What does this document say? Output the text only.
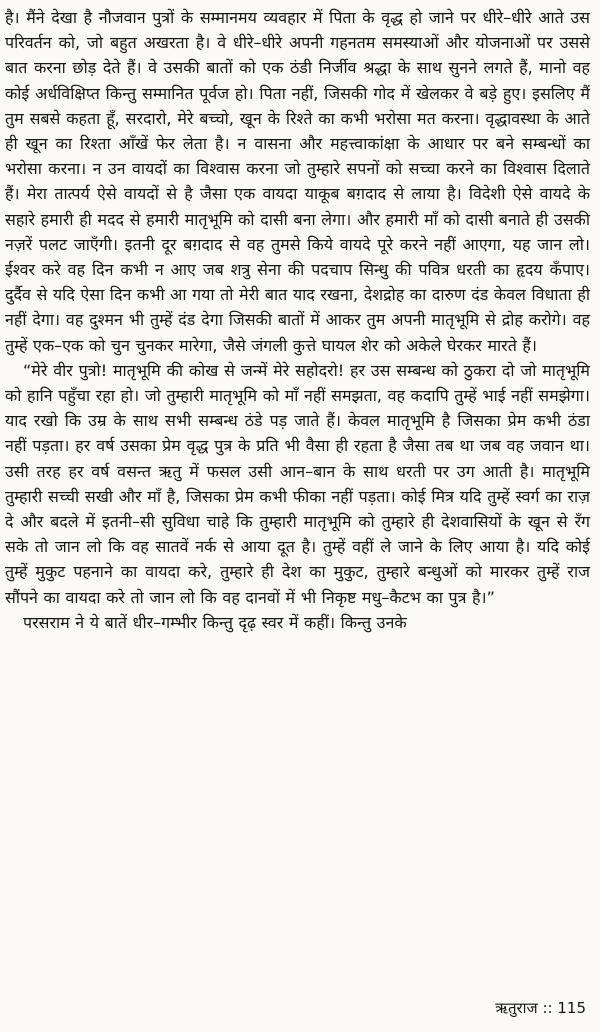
है। मैंने देखा है नौजवान पुत्रों के सम्मानमय व्यवहार में पिता के वृद्ध हो जाने पर धीरे–धीरे आते उस परिवर्तन को, जो बहुत अखरता है। वे धीरे–धीरे अपनी गहनतम समस्याओं और योजनाओं पर उससे बात करना छोड़ देते हैं। वे उसकी बातों को एक ठंडी निर्जीव श्रद्धा के साथ सुनने लगते हैं, मानो वह कोई अर्धविक्षिप्त किन्तु सम्मानित पूर्वज हो। पिता नहीं, जिसकी गोद में खेलकर वे बड़े हुए। इसलिए मैं तुम सबसे कहता हूँ, सरदारो, मेरे बच्चो, खून के रिश्ते का कभी भरोसा मत करना। वृद्धावस्था के आते ही खून का रिश्ता आँखें फेर लेता है। न वासना और महत्त्वाकांक्षा के आधार पर बने सम्बन्धों का भरोसा करना। न उन वायदों का विश्वास करना जो तुम्हारे सपनों को सच्चा करने का विश्वास दिलाते हैं। मेरा तात्पर्य ऐसे वायदों से है जैसा एक वायदा याकूब बग़दाद से लाया है। विदेशी ऐसे वायदे के सहारे हमारी ही मदद से हमारी मातृभूमि को दासी बना लेगा। और हमारी माँ को दासी बनाते ही उसकी नज़रें पलट जाएँगी। इतनी दूर बग़दाद से वह तुमसे किये वायदे पूरे करने नहीं आएगा, यह जान लो। ईश्वर करे वह दिन कभी न आए जब शत्रु सेना की पदचाप सिन्धु की पवित्र धरती का हृदय कँपाए। दुर्दैव से यदि ऐसा दिन कभी आ गया तो मेरी बात याद रखना, देशद्रोह का दारुण दंड केवल विधाता ही नहीं देगा। वह दुश्मन भी तुम्हें दंड देगा जिसकी बातों में आकर तुम अपनी मातृभूमि से द्रोह करोगे। वह तुम्हें एक–एक को चुन चुनकर मारेगा, जैसे जंगली कुत्ते घायल शेर को अकेले घेरकर मारते हैं।

“मेरे वीर पुत्रो! मातृभूमि की कोख से जन्में मेरे सहोदरो! हर उस सम्बन्ध को ठुकरा दो जो मातृभूमि को हानि पहुँचा रहा हो। जो तुम्हारी मातृभूमि को माँ नहीं समझता, वह कदापि तुम्हें भाई नहीं समझेगा। याद रखो कि उम्र के साथ सभी सम्बन्ध ठंडे पड़ जाते हैं। केवल मातृभूमि है जिसका प्रेम कभी ठंडा नहीं पड़ता। हर वर्ष उसका प्रेम वृद्ध पुत्र के प्रति भी वैसा ही रहता है जैसा तब था जब वह जवान था। उसी तरह हर वर्ष वसन्त ऋतु में फसल उसी आन–बान के साथ धरती पर उग आती है। मातृभूमि तुम्हारी सच्ची सखी और माँ है, जिसका प्रेम कभी फीका नहीं पड़ता। कोई मित्र यदि तुम्हें स्वर्ग का राज़ दे और बदले में इतनी–सी सुविधा चाहे कि तुम्हारी मातृभूमि को तुम्हारे ही देशवासियों के खून से रँग सके तो जान लो कि वह सातवें नर्क से आया दूत है। तुम्हें वहीं ले जाने के लिए आया है। यदि कोई तुम्हें मुकुट पहनाने का वायदा करे, तुम्हारे ही देश का मुकुट, तुम्हारे बन्धुओं को मारकर तुम्हें राज सौंपने का वायदा करे तो जान लो कि वह दानवों में भी निकृष्ट मधु–कैटभ का पुत्र है।”

परसराम ने ये बातें धीर–गम्भीर किन्तु दृढ़ स्वर में कहीं। किन्तु उनके

ऋतुराज :: 115
